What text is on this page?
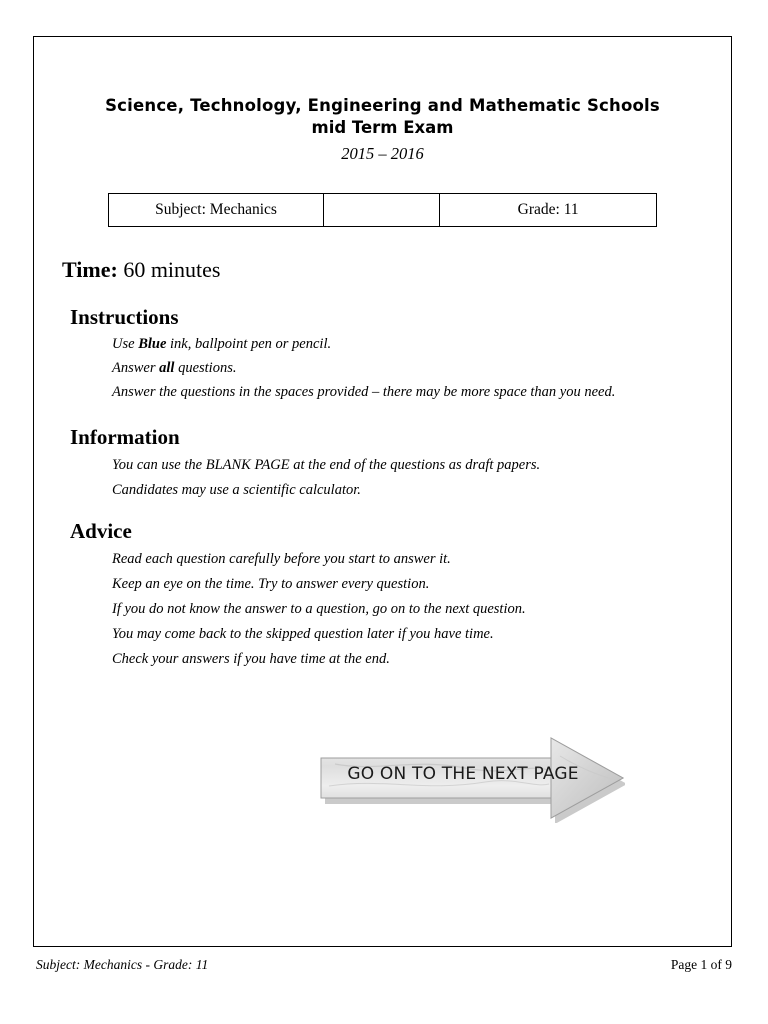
Science, Technology, Engineering and Mathematic Schools
mid Term Exam
2015 – 2016
Subject: Mechanics		Grade: 11
Time: 60 minutes
Instructions

Use Blue ink, ballpoint pen or pencil.

Answer all questions.

Answer the questions in the spaces provided – there may be more space than you need.

Information

You can use the BLANK PAGE at the end of the questions as draft papers.

Candidates may use a scientific calculator.

Advice

Read each question carefully before you start to answer it.

Keep an eye on the time. Try to answer every question.

If you do not know the answer to a question, go on to the next question.

You may come back to the skipped question later if you have time.

Check your answers if you have time at the end.

GO ON TO THE NEXT PAGE
Subject: Mechanics - Grade: 11	Page 1 of 9
